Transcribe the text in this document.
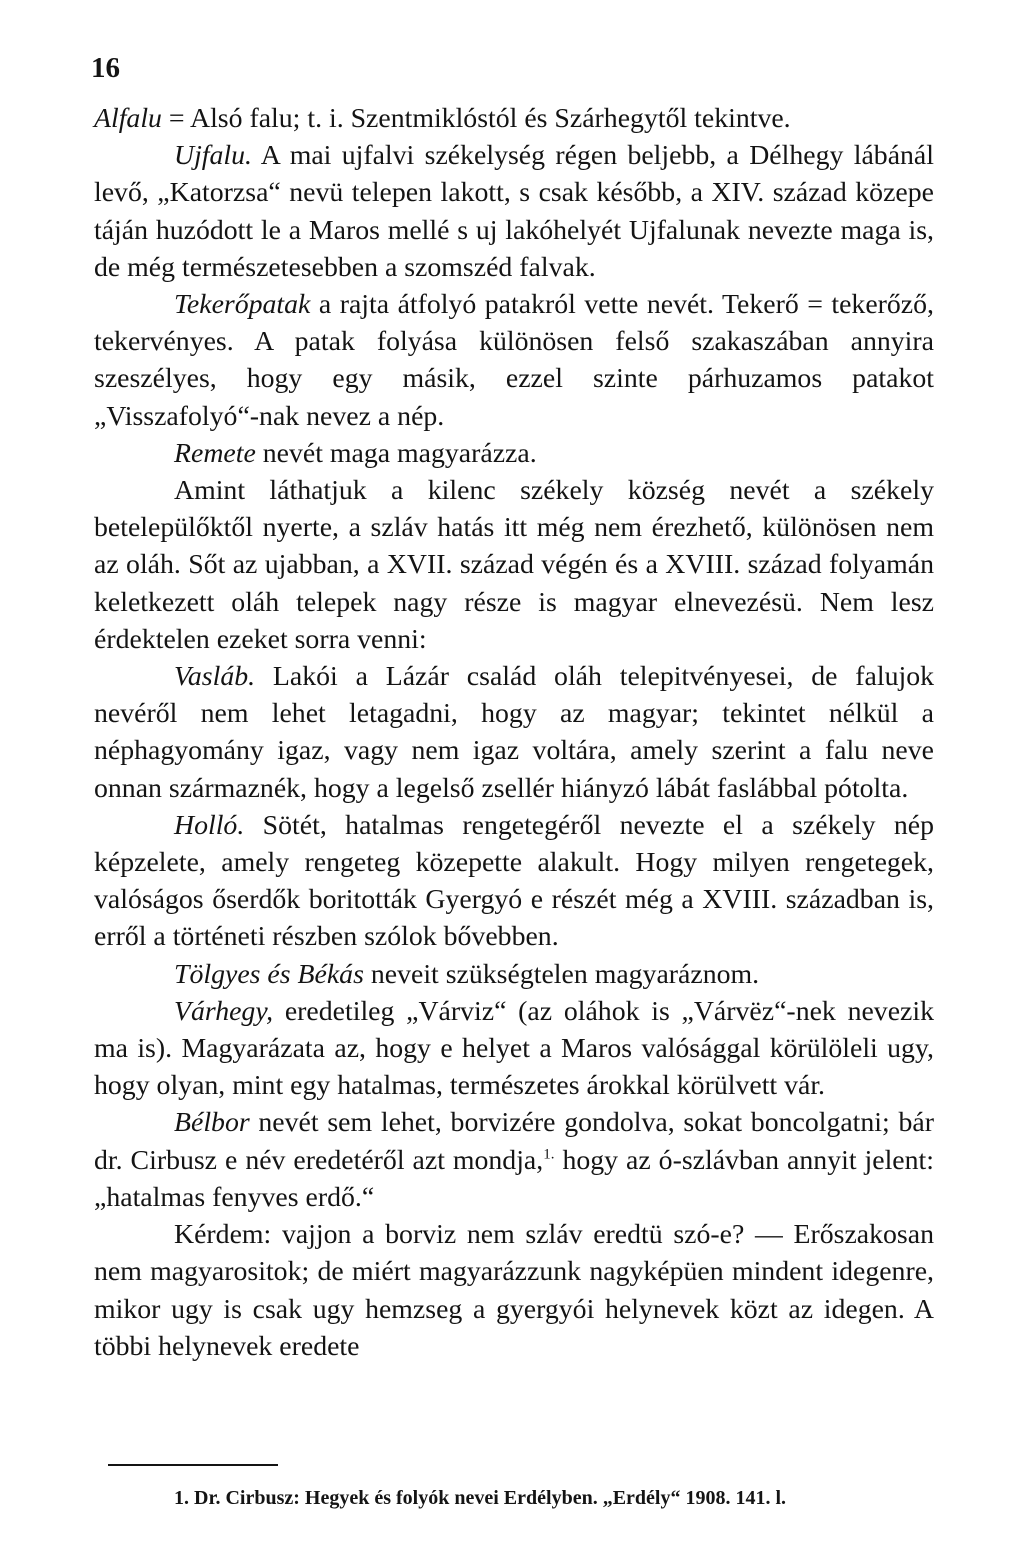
16

Alfalu = Alsó falu; t. i. Szentmiklóstól és Szárhegytől tekintve.

Ujfalu. A mai ujfalvi székelység régen beljebb, a Délhegy lábánál levő, „Katorzsa“ nevü telepen lakott, s csak később, a XIV. század közepe táján huzódott le a Maros mellé s uj lakóhelyét Ujfalunak nevezte maga is, de még természetesebben a szomszéd falvak.

Tekerőpatak a rajta átfolyó patakról vette nevét. Tekerő = tekerőző, tekervényes. A patak folyása különösen felső szakaszában annyira szeszélyes, hogy egy másik, ezzel szinte párhuzamos patakot „Visszafolyó“-nak nevez a nép.

Remete nevét maga magyarázza.

Amint láthatjuk a kilenc székely község nevét a székely betelepülőktől nyerte, a szláv hatás itt még nem érezhető, különösen nem az oláh. Sőt az ujabban, a XVII. század végén és a XVIII. század folyamán keletkezett oláh telepek nagy része is magyar elnevezésü. Nem lesz érdektelen ezeket sorra venni:

Vasláb. Lakói a Lázár család oláh telepitvényesei, de falujok nevéről nem lehet letagadni, hogy az magyar; tekintet nélkül a néphagyomány igaz, vagy nem igaz voltára, amely szerint a falu neve onnan származnék, hogy a legelső zsellér hiányzó lábát faslábbal pótolta.

Holló. Sötét, hatalmas rengetegéről nevezte el a székely nép képzelete, amely rengeteg közepette alakult. Hogy milyen rengetegek, valóságos őserdők boritották Gyergyó e részét még a XVIII. században is, erről a történeti részben szólok bővebben.

Tölgyes és Békás neveit szükségtelen magyaráznom.

Várhegy, eredetileg „Várviz“ (az oláhok is „Várvëz“-nek nevezik ma is). Magyarázata az, hogy e helyet a Maros valósággal körülöleli ugy, hogy olyan, mint egy hatalmas, természetes árokkal körülvett vár.

Bélbor nevét sem lehet, borvizére gondolva, sokat boncolgatni; bár dr. Cirbusz e név eredetéről azt mondja,$^{1.}$ hogy az ó-szlávban annyit jelent: „hatalmas fenyves erdő.“

Kérdem: vajjon a borviz nem szláv eredtü szó-e? — Erőszakosan nem magyarositok; de miért magyarázzunk nagyképüen mindent idegenre, mikor ugy is csak ugy hemzseg a gyergyói helynevek közt az idegen. A többi helynevek eredete

1. Dr. Cirbusz: Hegyek és folyók nevei Erdélyben. „Erdély“ 1908. 141. l.
